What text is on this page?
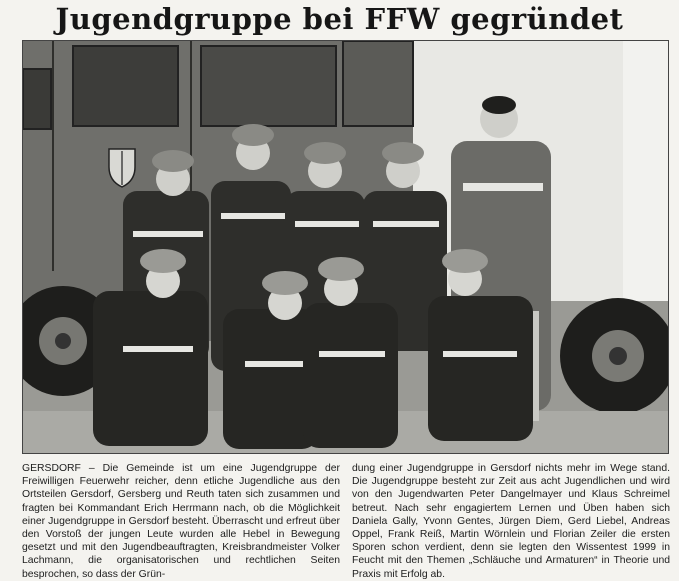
Jugendgruppe bei FFW gegründet

GERSDORF – Die Gemeinde ist um eine Jugendgruppe der Freiwilligen Feuerwehr reicher, denn etliche Jugendliche aus den Ortsteilen Gersdorf, Gersberg und Reuth taten sich zusammen und fragten bei Kommandant Erich Herrmann nach, ob die Möglichkeit einer Jugendgruppe in Gersdorf besteht. Überrascht und erfreut über den Vorstoß der jungen Leute wurden alle Hebel in Bewegung gesetzt und mit den Jugendbeauftragten, Kreisbrandmeister Volker Lachmann, die organisatorischen und rechtlichen Seiten besprochen, so dass der Grün-

dung einer Jugendgruppe in Gersdorf nichts mehr im Wege stand. Die Jugendgruppe besteht zur Zeit aus acht Jugendlichen und wird von den Jugendwarten Peter Dangelmayer und Klaus Schreimel betreut. Nach sehr engagiertem Lernen und Üben haben sich Daniela Gally, Yvonn Gentes, Jürgen Diem, Gerd Liebel, Andreas Oppel, Frank Reiß, Martin Wörnlein und Florian Zeiler die ersten Sporen schon verdient, denn sie legten den Wissentest 1999 in Feucht mit den Themen „Schläuche und Armaturen“ in Theorie und Praxis mit Erfolg ab.
